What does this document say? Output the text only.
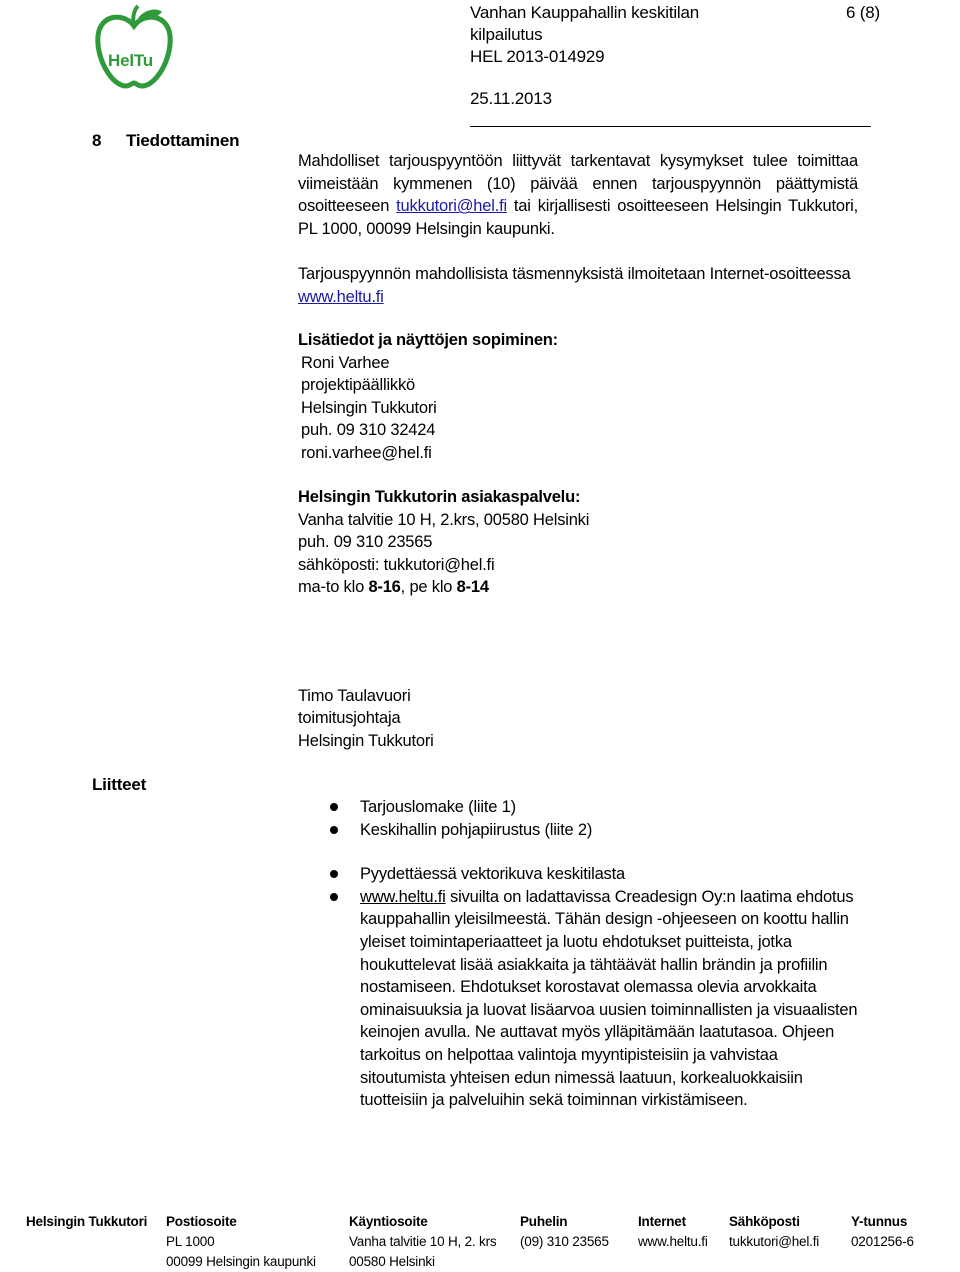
HelTu
Vanhan Kauppahallin keskitilan
kilpailutus
HEL 2013-014929
25.11.2013
6 (8)
8 Tiedottaminen
Mahdolliset tarjouspyyntöön liittyvät tarkentavat kysymykset tulee toimittaa viimeistään kymmenen (10) päivää ennen tarjouspyynnön päättymistä osoitteeseen tukkutori@hel.fi tai kirjallisesti osoitteeseen Helsingin Tukkutori, PL 1000, 00099 Helsingin kaupunki.
Tarjouspyynnön mahdollisista täsmennyksistä ilmoitetaan Internet-osoitteessa
www.heltu.fi
Lisätiedot ja näyttöjen sopiminen:
Roni Varhee
projektipäällikkö
Helsingin Tukkutori
puh. 09 310 32424
roni.varhee@hel.fi
Helsingin Tukkutorin asiakaspalvelu:
Vanha talvitie 10 H, 2.krs, 00580 Helsinki
puh. 09 310 23565
sähköposti: tukkutori@hel.fi
ma-to klo 8-16, pe klo 8-14
Timo Taulavuori
toimitusjohtaja
Helsingin Tukkutori
Liitteet
Tarjouslomake (liite 1)
Keskihallin pohjapiirustus (liite 2)
Pyydettäessä vektorikuva keskitilasta
www.heltu.fi sivuilta on ladattavissa Creadesign Oy:n laatima ehdotus kauppahallin yleisilmeestä. Tähän design -ohjeeseen on koottu hallin yleiset toimintaperiaatteet ja luotu ehdotukset puitteista, jotka houkuttelevat lisää asiakkaita ja tähtäävät hallin brändin ja profiilin nostamiseen. Ehdotukset korostavat olemassa olevia arvokkaita ominaisuuksia ja luovat lisäarvoa uusien toiminnallisten ja visuaalisten keinojen avulla. Ne auttavat myös ylläpitämään laatutasoa. Ohjeen tarkoitus on helpottaa valintoja myyntipisteisiin ja vahvistaa sitoutumista yhteisen edun nimessä laatuun, korkealuokkaisiin tuotteisiin ja palveluihin sekä toiminnan virkistämiseen.
Helsingin Tukkutori Postiosoite
PL 1000
00099 Helsingin kaupunki
Käyntiosoite
Vanha talvitie 10 H, 2. krs
00580 Helsinki
Puhelin
(09) 310 23565
Internet
www.heltu.fi
Sähköposti
tukkutori@hel.fi
Y-tunnus
0201256-6
